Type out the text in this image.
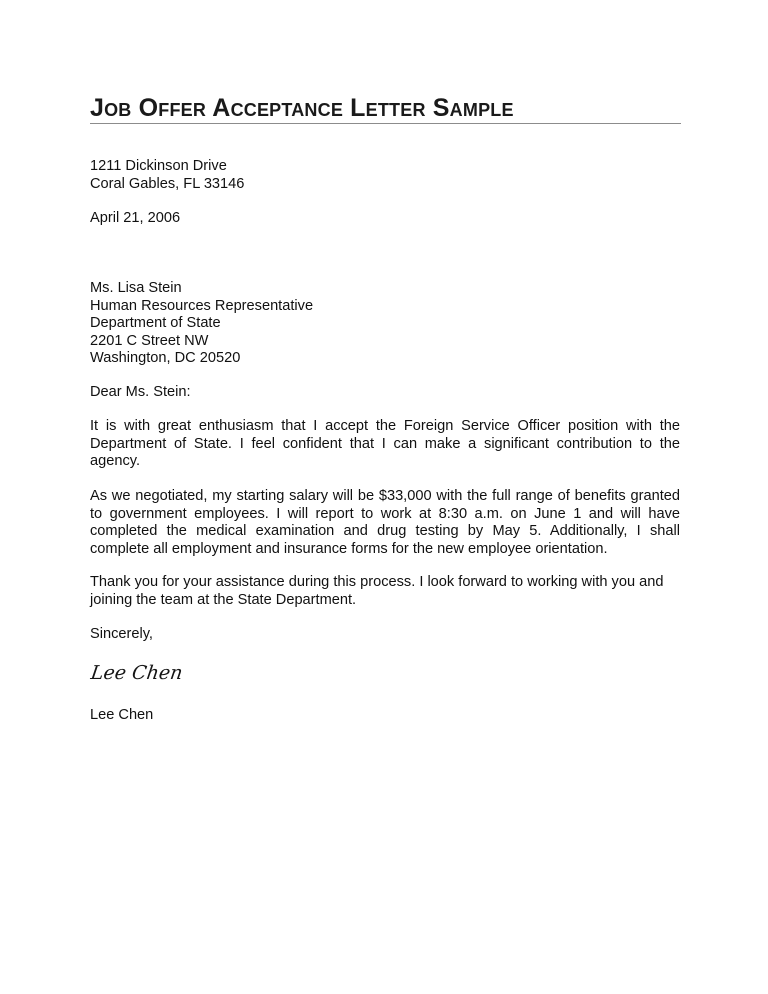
Job Offer Acceptance Letter Sample

1211 Dickinson Drive

Coral Gables, FL 33146

April 21, 2006

Ms. Lisa Stein

Human Resources Representative

Department of State

2201 C Street NW

Washington, DC 20520

Dear Ms. Stein:

It is with great enthusiasm that I accept the Foreign Service Officer position with the Department of State. I feel confident that I can make a significant contribution to the agency.

As we negotiated, my starting salary will be $33,000 with the full range of benefits granted to government employees. I will report to work at 8:30 a.m. on June 1 and will have completed the medical examination and drug testing by May 5. Additionally, I shall complete all employment and insurance forms for the new employee orientation.

Thank you for your assistance during this process. I look forward to working with you and joining the team at the State Department.

Sincerely,

Lee Chen

Lee Chen
